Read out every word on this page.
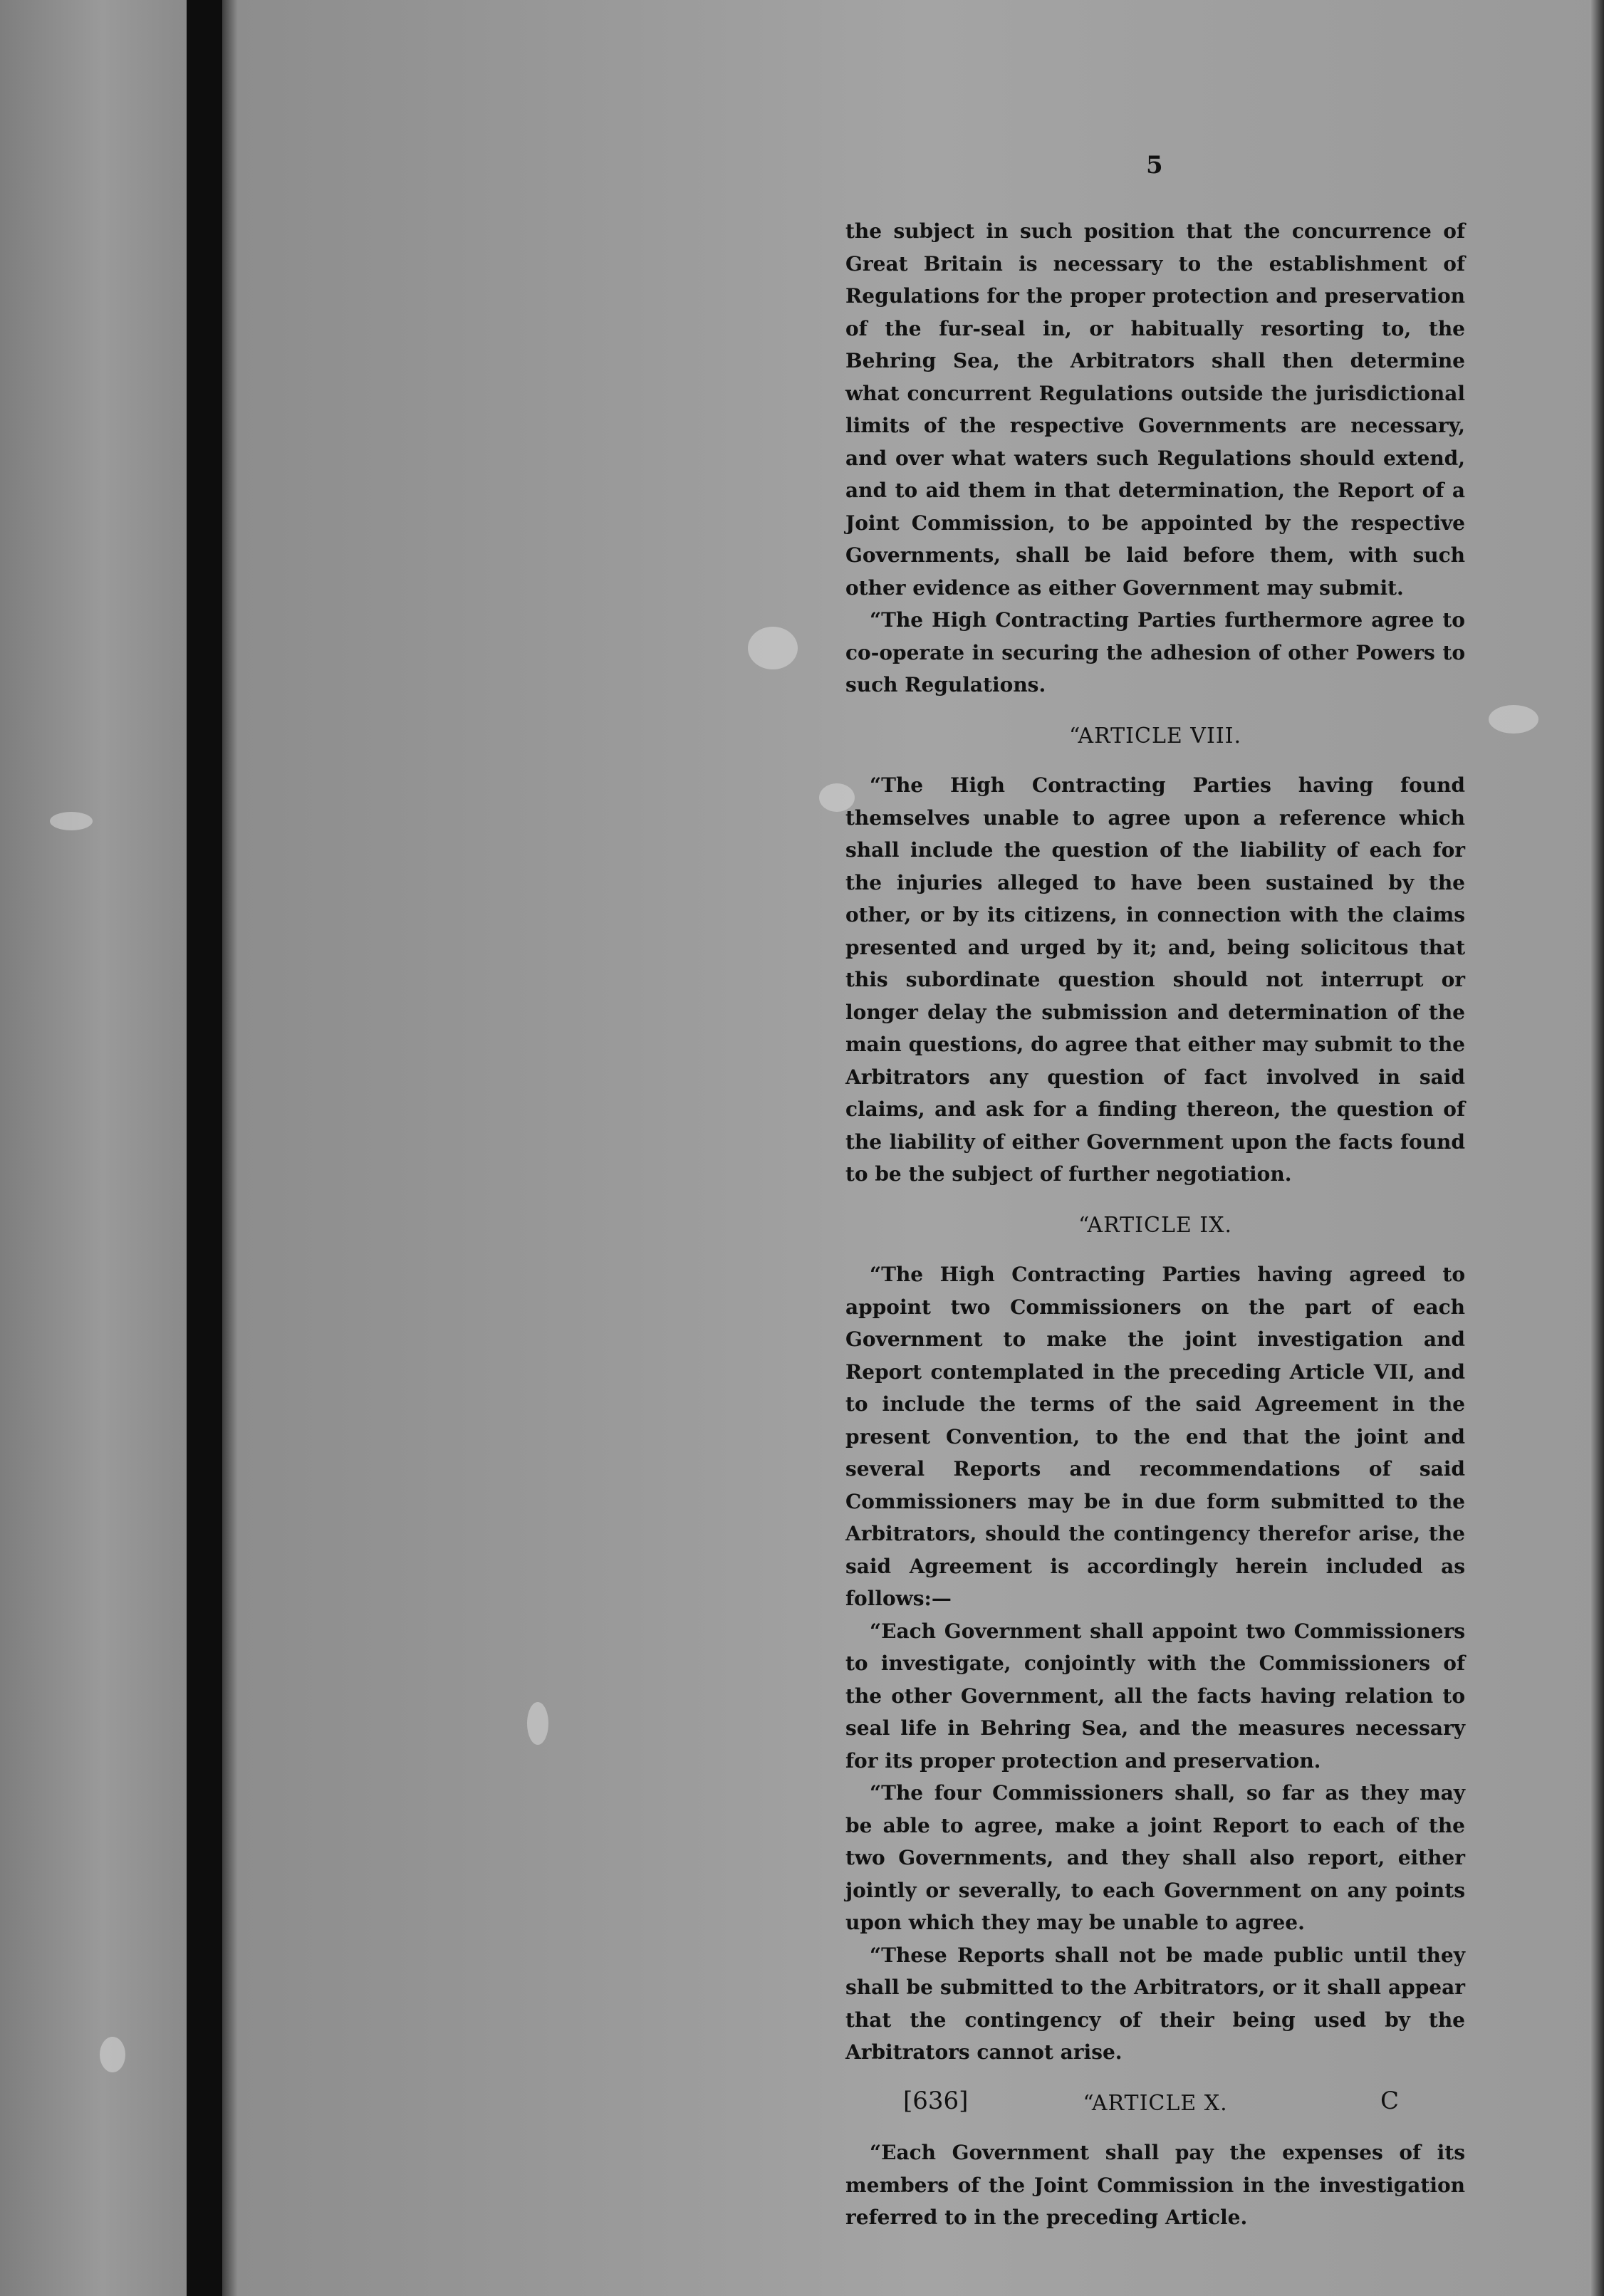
5

the subject in such position that the concurrence of Great Britain is necessary to the establishment of Regulations for the proper protection and preservation of the fur-seal in, or habitually resorting to, the Behring Sea, the Arbitrators shall then determine what concurrent Regulations outside the jurisdictional limits of the respective Governments are necessary, and over what waters such Regulations should extend, and to aid them in that determination, the Report of a Joint Commission, to be appointed by the respective Governments, shall be laid before them, with such other evidence as either Government may submit.

“The High Contracting Parties furthermore agree to co-operate in securing the adhesion of other Powers to such Regulations.

“ARTICLE VIII.

“The High Contracting Parties having found themselves unable to agree upon a reference which shall include the question of the liability of each for the injuries alleged to have been sustained by the other, or by its citizens, in connection with the claims presented and urged by it; and, being solicitous that this subordinate question should not interrupt or longer delay the submission and determination of the main questions, do agree that either may submit to the Arbitrators any question of fact involved in said claims, and ask for a finding thereon, the question of the liability of either Government upon the facts found to be the subject of further negotiation.

“ARTICLE IX.

“The High Contracting Parties having agreed to appoint two Commissioners on the part of each Government to make the joint investigation and Report contemplated in the preceding Article VII, and to include the terms of the said Agreement in the present Convention, to the end that the joint and several Reports and recommendations of said Commissioners may be in due form submitted to the Arbitrators, should the contingency therefor arise, the said Agreement is accordingly herein included as follows:—

“Each Government shall appoint two Commissioners to investigate, conjointly with the Commissioners of the other Government, all the facts having relation to seal life in Behring Sea, and the measures necessary for its proper protection and preservation.

“The four Commissioners shall, so far as they may be able to agree, make a joint Report to each of the two Governments, and they shall also report, either jointly or severally, to each Government on any points upon which they may be unable to agree.

“These Reports shall not be made public until they shall be submitted to the Arbitrators, or it shall appear that the contingency of their being used by the Arbitrators cannot arise.

“ARTICLE X.

“Each Government shall pay the expenses of its members of the Joint Commission in the investigation referred to in the preceding Article.

[636]	C
